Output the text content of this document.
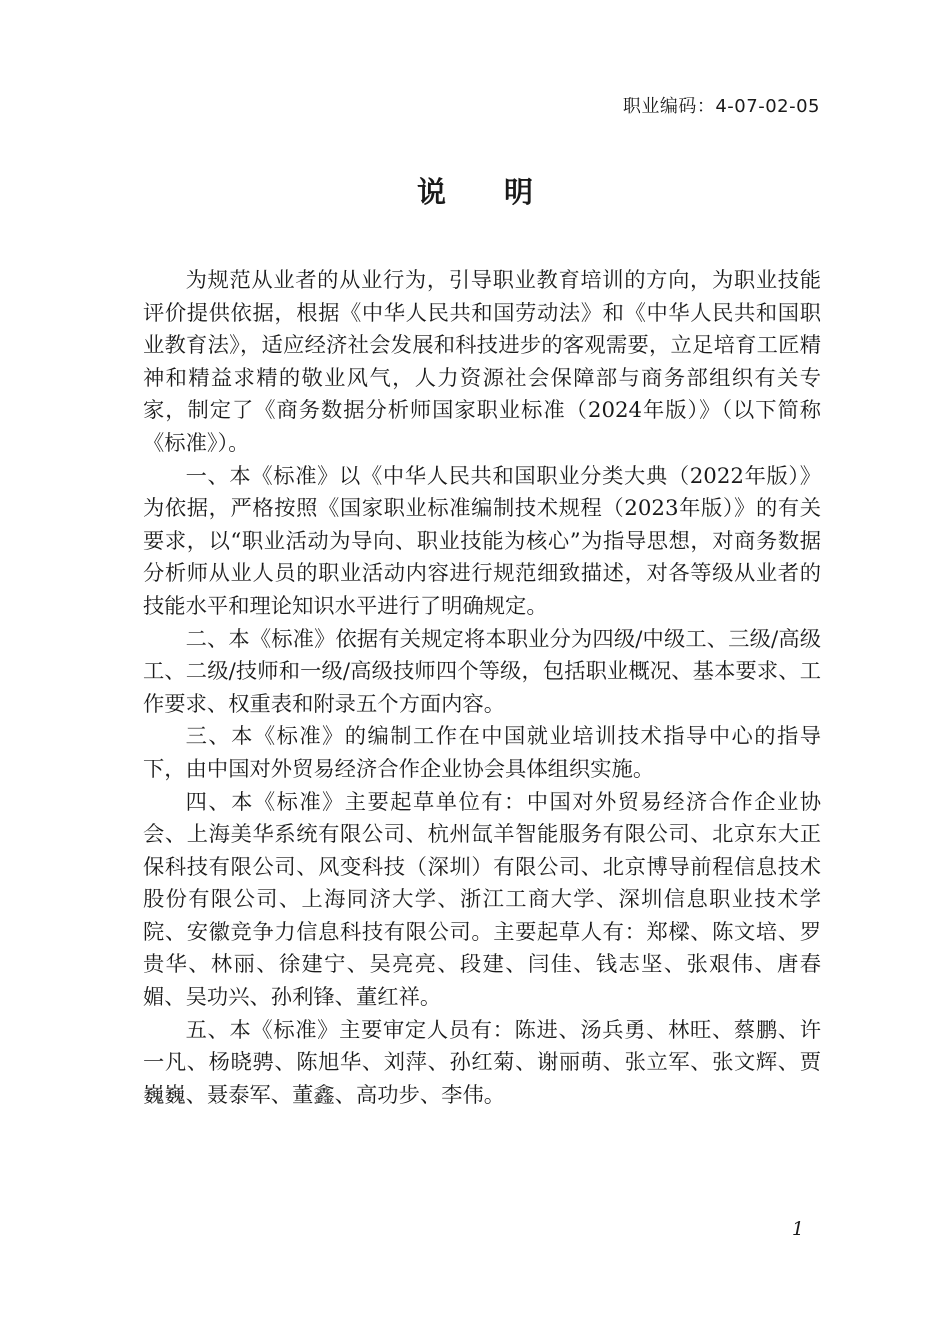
职业编码：4-07-02-05
说明

为规范从业者的从业行为，引导职业教育培训的方向，为职业技能评价提供依据，根据《中华人民共和国劳动法》和《中华人民共和国职业教育法》，适应经济社会发展和科技进步的客观需要，立足培育工匠精神和精益求精的敬业风气，人力资源社会保障部与商务部组织有关专家，制定了《商务数据分析师国家职业标准（2024年版）》（以下简称《标准》）。

一、本《标准》以《中华人民共和国职业分类大典（2022年版）》为依据，严格按照《国家职业标准编制技术规程（2023年版）》的有关要求，以“职业活动为导向、职业技能为核心”为指导思想，对商务数据分析师从业人员的职业活动内容进行规范细致描述，对各等级从业者的技能水平和理论知识水平进行了明确规定。

二、本《标准》依据有关规定将本职业分为四级/中级工、三级/高级工、二级/技师和一级/高级技师四个等级，包括职业概况、基本要求、工作要求、权重表和附录五个方面内容。

三、本《标准》的编制工作在中国就业培训技术指导中心的指导下，由中国对外贸易经济合作企业协会具体组织实施。

四、本《标准》主要起草单位有：中国对外贸易经济合作企业协会、上海美华系统有限公司、杭州氙羊智能服务有限公司、北京东大正保科技有限公司、风变科技（深圳）有限公司、北京博导前程信息技术股份有限公司、上海同济大学、浙江工商大学、深圳信息职业技术学院、安徽竞争力信息科技有限公司。主要起草人有：郑樑、陈文培、罗贵华、林丽、徐建宁、吴亮亮、段建、闫佳、钱志坚、张艰伟、唐春媚、吴功兴、孙利锋、董红祥。

五、本《标准》主要审定人员有：陈进、汤兵勇、林旺、蔡鹏、许一凡、杨晓骋、陈旭华、刘萍、孙红菊、谢丽萌、张立军、张文辉、贾巍巍、聂泰军、董鑫、高功步、李伟。

1
